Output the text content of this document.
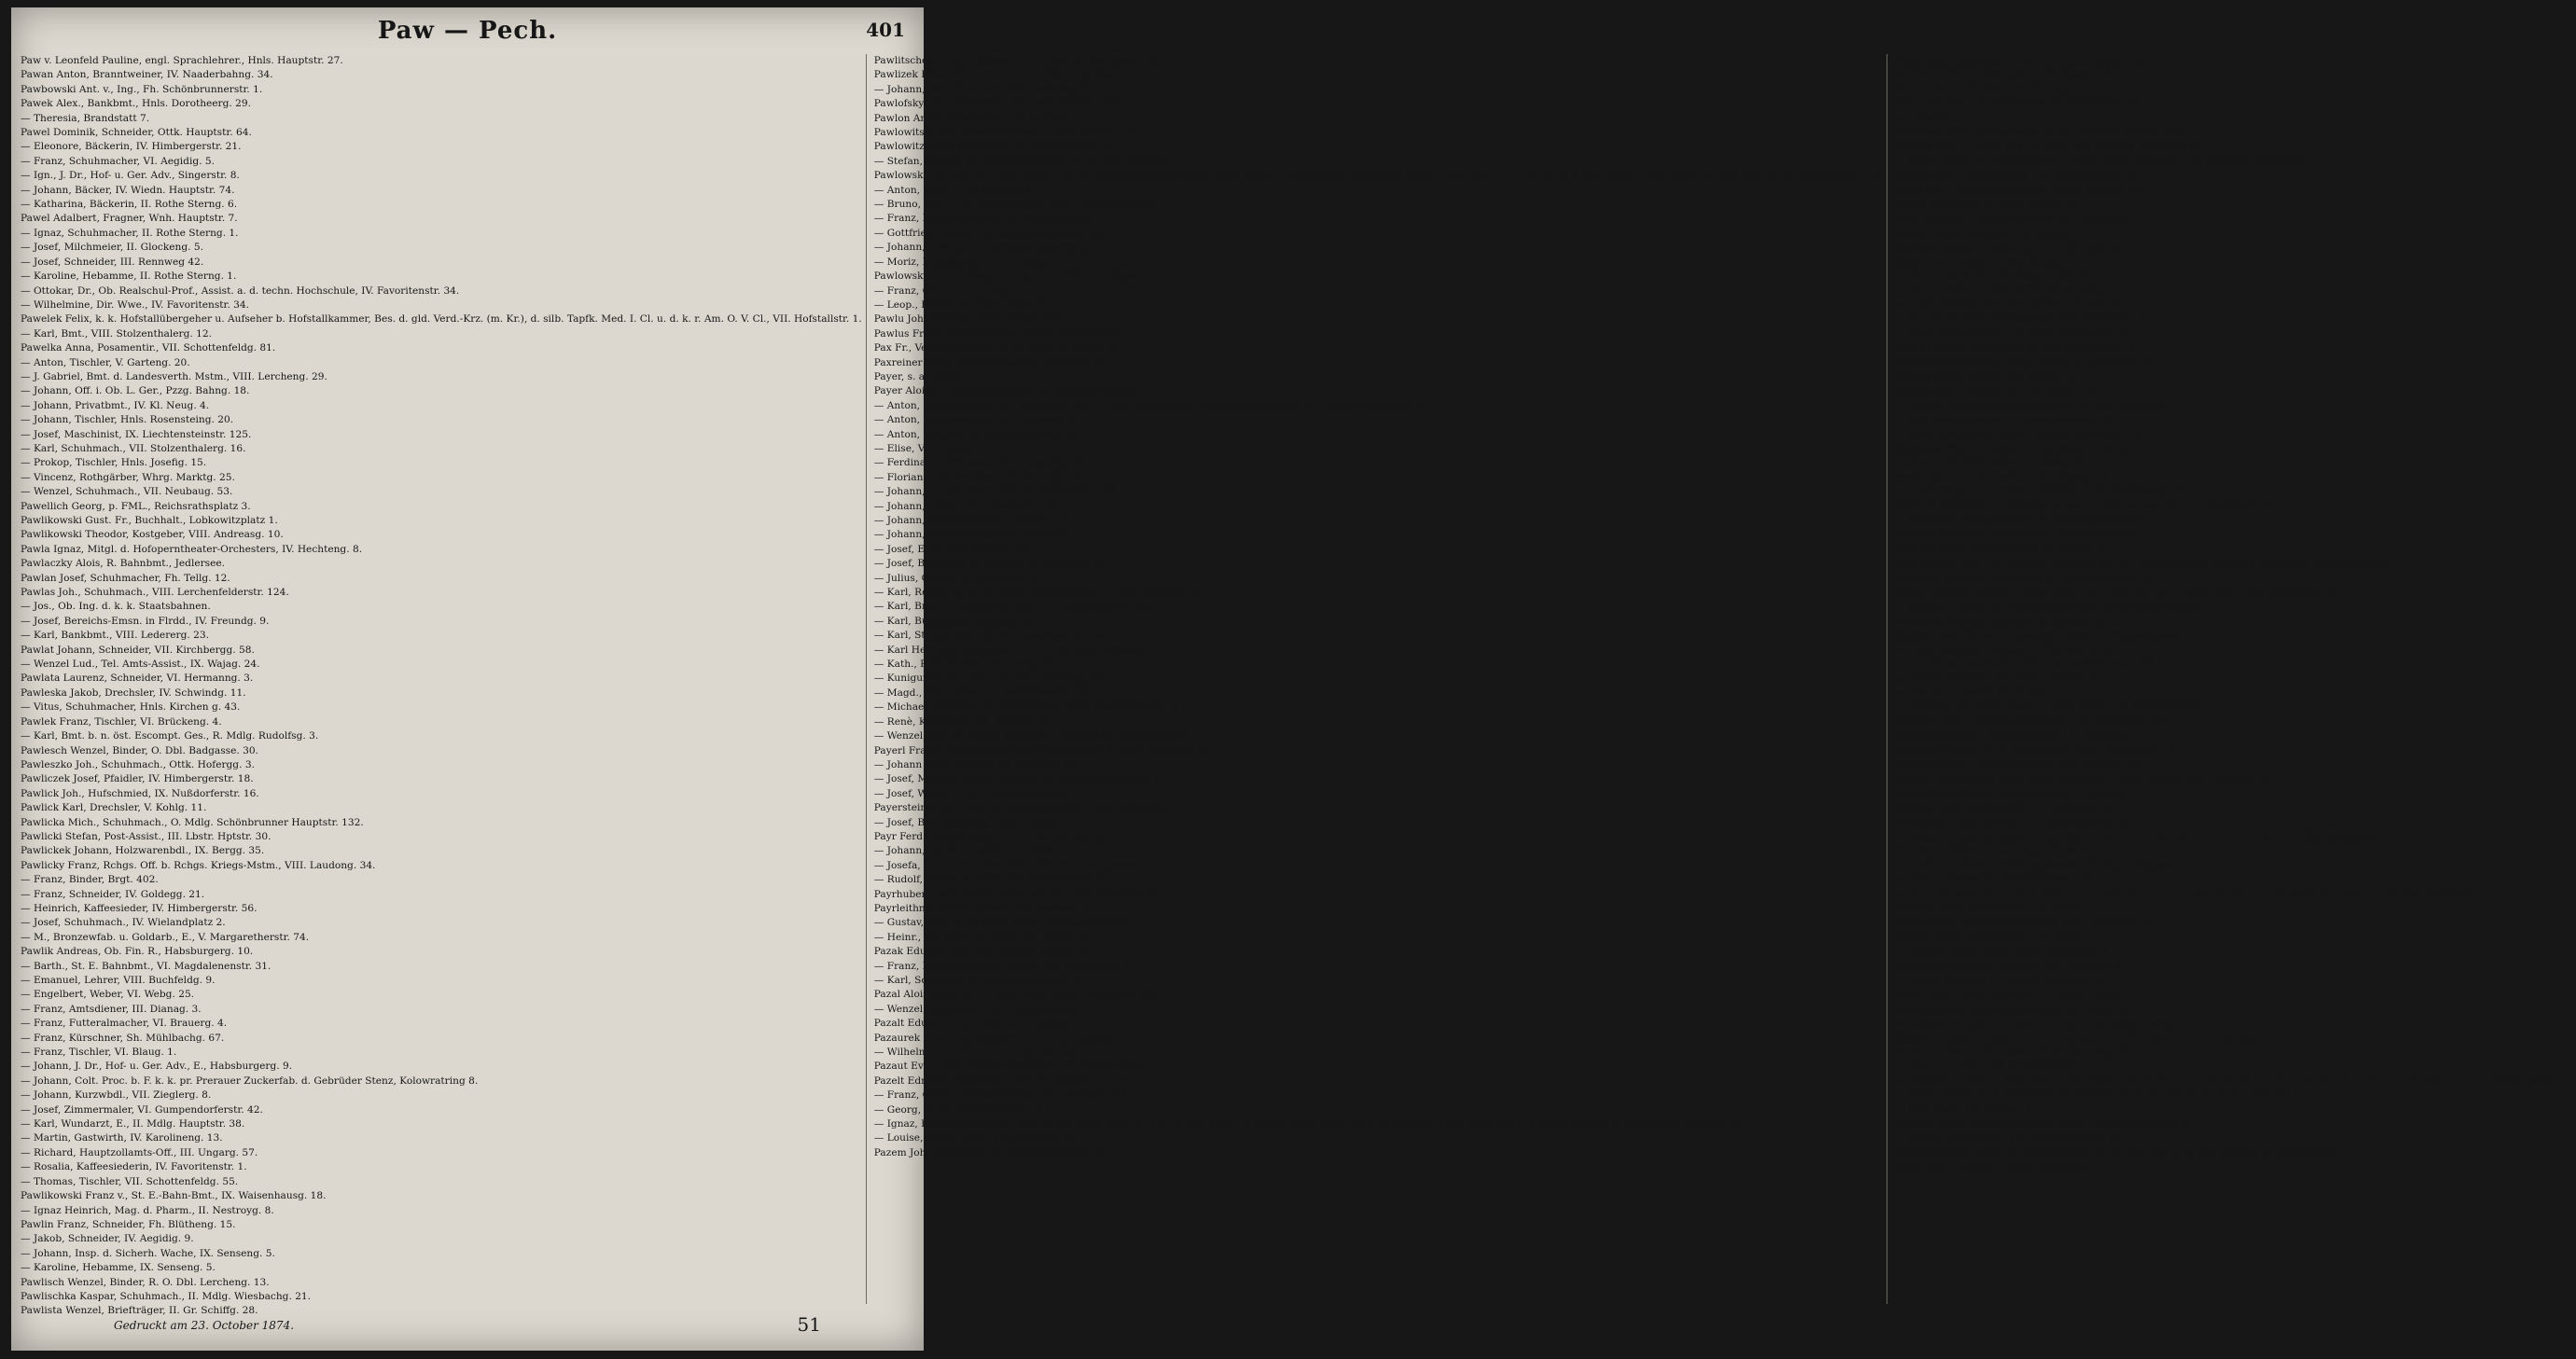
Paw — Pech.	401
Paw v. Leonfeld Pauline, engl. Sprachlehrer., Hnls. Hauptstr. 27.
Pawan Anton, Branntweiner, IV. Naaderbahng. 34.
Pawbowski Ant. v., Ing., Fh. Schönbrunnerstr. 1.
Pawek Alex., Bankbmt., Hnls. Dorotheerg. 29.
— Theresia, Brandstatt 7.
Pawel Dominik, Schneider, Ottk. Hauptstr. 64.
— Eleonore, Bäckerin, IV. Himbergerstr. 21.
— Franz, Schuhmacher, VI. Aegidig. 5.
— Ign., J. Dr., Hof- u. Ger. Adv., Singerstr. 8.
— Johann, Bäcker, IV. Wiedn. Hauptstr. 74.
— Katharina, Bäckerin, II. Rothe Sterng. 6.
Pawel Adalbert, Fragner, Wnh. Hauptstr. 7.
— Ignaz, Schuhmacher, II. Rothe Sterng. 1.
— Josef, Milchmeier, II. Glockeng. 5.
— Josef, Schneider, III. Rennweg 42.
— Karoline, Hebamme, II. Rothe Sterng. 1.
— Ottokar, Dr., Ob. Realschul-Prof., Assist. a. d. techn. Hochschule, IV. Favoritenstr. 34.
— Wilhelmine, Dir. Wwe., IV. Favoritenstr. 34.
Pawelek Felix, k. k. Hofstallübergeher u. Aufseher b. Hofstallkammer, Bes. d. gld. Verd.-Krz. (m. Kr.), d. silb. Tapfk. Med. I. Cl. u. d. k. r. Am. O. V. Cl., VII. Hofstallstr. 1.
— Karl, Bmt., VIII. Stolzenthalerg. 12.
Pawelka Anna, Posamentir., VII. Schottenfeldg. 81.
— Anton, Tischler, V. Garteng. 20.
— J. Gabriel, Bmt. d. Landesverth. Mstm., VIII. Lercheng. 29.
— Johann, Off. i. Ob. L. Ger., Pzzg. Bahng. 18.
— Johann, Privatbmt., IV. Kl. Neug. 4.
— Johann, Tischler, Hnls. Rosensteing. 20.
— Josef, Maschinist, IX. Liechtensteinstr. 125.
— Karl, Schuhmach., VII. Stolzenthalerg. 16.
— Prokop, Tischler, Hnls. Josefig. 15.
— Vincenz, Rothgärber, Whrg. Marktg. 25.
— Wenzel, Schuhmach., VII. Neubaug. 53.
Pawellich Georg, p. FML., Reichsrathsplatz 3.
Pawlikowski Gust. Fr., Buchhalt., Lobkowitzplatz 1.
Pawlikowski Theodor, Kostgeber, VIII. Andreasg. 10.
Pawla Ignaz, Mitgl. d. Hofoperntheater-Orchesters, IV. Hechteng. 8.
Pawlaczky Alois, R. Bahnbmt., Jedlersee.
Pawlan Josef, Schuhmacher, Fh. Tellg. 12.
Pawlas Joh., Schuhmach., VIII. Lerchenfelderstr. 124.
— Jos., Ob. Ing. d. k. k. Staatsbahnen.
— Josef, Bereichs-Emsn. in Flrdd., IV. Freundg. 9.
— Karl, Bankbmt., VIII. Ledererg. 23.
Pawlat Johann, Schneider, VII. Kirchbergg. 58.
— Wenzel Lud., Tel. Amts-Assist., IX. Wajag. 24.
Pawlata Laurenz, Schneider, VI. Hermanng. 3.
Pawleska Jakob, Drechsler, IV. Schwindg. 11.
— Vitus, Schuhmacher, Hnls. Kirchen g. 43.
Pawlek Franz, Tischler, VI. Brückeng. 4.
— Karl, Bmt. b. n. öst. Escompt. Ges., R. Mdlg. Rudolfsg. 3.
Pawlesch Wenzel, Binder, O. Dbl. Badgasse. 30.
Pawleszko Joh., Schuhmach., Ottk. Hofergg. 3.
Pawliczek Josef, Pfaidler, IV. Himbergerstr. 18.
Pawlick Joh., Hufschmied, IX. Nußdorferstr. 16.
Pawlick Karl, Drechsler, V. Kohlg. 11.
Pawlicka Mich., Schuhmach., O. Mdlg. Schönbrunner Hauptstr. 132.
Pawlicki Stefan, Post-Assist., III. Lbstr. Hptstr. 30.
Pawlickek Johann, Holzwarenbdl., IX. Bergg. 35.
Pawlicky Franz, Rchgs. Off. b. Rchgs. Kriegs-Mstm., VIII. Laudong. 34.
— Franz, Binder, Brgt. 402.
— Franz, Schneider, IV. Goldegg. 21.
— Heinrich, Kaffeesieder, IV. Himbergerstr. 56.
— Josef, Schuhmach., IV. Wielandplatz 2.
— M., Bronzewfab. u. Goldarb., E., V. Margaretherstr. 74.
Pawlik Andreas, Ob. Fin. R., Habsburgerg. 10.
— Barth., St. E. Bahnbmt., VI. Magdalenenstr. 31.
— Emanuel, Lehrer, VIII. Buchfeldg. 9.
— Engelbert, Weber, VI. Webg. 25.
— Franz, Amtsdiener, III. Dianag. 3.
— Franz, Futteralmacher, VI. Brauerg. 4.
— Franz, Kürschner, Sh. Mühlbachg. 67.
— Franz, Tischler, VI. Blaug. 1.
— Johann, J. Dr., Hof- u. Ger. Adv., E., Habsburgerg. 9.
— Johann, Colt. Proc. b. F. k. k. pr. Prerauer Zuckerfab. d. Gebrüder Stenz, Kolowratring 8.
— Johann, Kurzwbdl., VII. Zieglerg. 8.
— Josef, Zimmermaler, VI. Gumpendorferstr. 42.
— Karl, Wundarzt, E., II. Mdlg. Hauptstr. 38.
— Martin, Gastwirth, IV. Karolineng. 13.
— Richard, Hauptzollamts-Off., III. Ungarg. 57.
— Rosalia, Kaffeesiederin, IV. Favoritenstr. 1.
— Thomas, Tischler, VII. Schottenfeldg. 55.
Pawlikowski Franz v., St. E.-Bahn-Bmt., IX. Waisenhausg. 18.
— Ignaz Heinrich, Mag. d. Pharm., II. Nestroyg. 8.
Pawlin Franz, Schneider, Fh. Blütheng. 15.
— Jakob, Schneider, IV. Aegidig. 9.
— Johann, Insp. d. Sicherh. Wache, IX. Senseng. 5.
— Karoline, Hebamme, IX. Senseng. 5.
Pawlisch Wenzel, Binder, R. O. Dbl. Lercheng. 13.
Pawlischka Kaspar, Schuhmach., II. Mdlg. Wiesbachg. 21.
Pawlista Wenzel, Briefträger, II. Gr. Schiffg. 28.
Pawlitschek Franz, Uhrmach., VII. Mariahilferstraße 116.
Pawlizek Franz, Schuhmach., II. Mdlg. Rudolfsg. 30.
— Johann, Bank-Econtist, VIII. Ledererg. 30.
Pawlofsky Joh., Privatbmt., III. Lbstr. Hptstr. 136.
Pawlon Anton, Briefträger, III. Marxerg. 7.
Pawlowitsch Joh., Frucht-Sensal, II. Fldg. Pfarrg. 20.
Pawlowitz Josef, Schneider, IV. Pazmaniteng. 13.
— Stefan, Friseur, IX. Liechtensteinstr. 15, G. Heidenschuß 2.
Pawlowski Alex. Rit. v., J. Dr., Hof-R., Dir. d. Theresianischen Akad., Präs. Emsn. d. staatswiss. Staatsprüf. Emsn., R. d. eis. Kr. III. Cl., u. d. k. Fr. Jos.-O., I. Cl., Emdr. d. bras. Ros. O., IV. Favoritenstr. 15.
— Anton, Ingen., Fh. Märzstr. 9.
— Bruno, Dir. d. Wr. Rück-Versich. Ges., Hohenstaufeng. 12.
— Franz, Historienmaler, III. Marokkanerg. 7.
— Gottfried, Friseur, Fh. Schönbrunnerstr. 48.
— Johann, p. Bmt., Fh. Schönbrunnerstr. 20.
— Moriz, Kunstformer, VII. Zollerg. 13.
Pawlowsky Anton, Haupt-Zollamtsoff., VIII. Kochgasse 18.
— Franz, Gürtler, V. Griesg. 35.
— Leop., Bildhauer, Hnls. Steinerg. 7.
Pawlu Joh., Tischler, Ottk. Querg. 20.
Pawlus Franz, Kammmacher, Rdlsfh. Sigmundsg. 6.
Pax Fr., Verkehrs-Assist. b. St. Bahn, V. Krong. 8.
Paxreiner Josef, Goldarbeiter, VII. Seideng. 21.
Payer, s. a. Peyer.
Payer Aloisia, Tabaktrafikantin, VI. Barnabitengasse 8.
— Anton, Schuhmacher, VII. Kaiserstr. 104, F. Paul Payer's Sohn, Schuhwarenverlag, VII. Schottenfelderstr. 29.
— Anton, Schuhmacher, VII. Richterg. 9.
— Anton, Fragner, V. Kettenbrückeng. 9.
— Elise, VII. Kaiserstr. 16.
— Ferdinand, Schlosser, VII. Neustiftg. 26.
— Florian, Schuhmacher, IV. Freundg. 10.
— Johann, Magist. Bmt., VII. Mariahilferstr. 120.
— Johann, Fiaker, Brgt. Rafaelg. 104.
— Johann, Metalldrucker, V. Wehrg. 17.
— Johann, Schuhmacher, IX. Thurng. 6.
— Josef, E., II. Obl. Silberg. 97.
— Josef, Bildhauer u. Tischler, IV. Zieglerg. 18.
— Julius, Glaser, III. Rochusg. 23.
— Karl, Rchgs. Off. b. d. städt. Buchhaltung, E., VIII. Floriang. 66.
— Karl, Bmt. b. Union-Bau-Ges., VIII. Florianigasse 66.
— Karl, Buchhalter, Nußdorf 49.
— Karl, Strohhutfab., Hnls. Ottakringerstr. 66.
— Karl Heinrich, Zeitungs-Cor., III. Marokkanergasse 8.
— Kath., R. Schf. Berl. Bernardg. 28.
— Kunigunde, Dr. Wwe., E., VIII. Floriang. 66.
— Magd., Hmt. Wwe., IX. Nußdorferstr. 26.
— Michael, Drechsler u. Hutformener, VIII. Josefstädterstr. 61.
— Renè, Kaufmann, III. Barichg. 28.
— Wenzel, Bmt. d. österr. Bau-Ges. „Austria“ IX. Ackergasse 6.
Payerl Franz, Oberlehrer in Neu-Lerchenfeld, R. Schf. Hauptstr. 54.
— Johann Paul, Tischler, III. Adamsg. 10.
— Josef, Magistr. Steuer-Execut., III. Sechskrügelgasse 10.
— Josef, Wirth, E., IX. Liechtensteinstr. 7.
Payersteiner Joh., Bau- u. Portal-Schlosser, Hnls. Mayßeng. 6.
— Josef, Bau-Schlosser, Hnls. Palffyg. 1.
Payr Ferd., Seidenzeugfab., VI. Hermanng. 14.
— Johann, Seidenzeugfab., VI. Westbahnstr. 7.
— Josefa, F. Carl Payr, Bandfab., VII. Hermanngasse 8.
— Rudolf, Seidenzeugfab., VII. Westbahnstr. 7.
Payrhuber Ignaz, Stadtlohnwagen-Inh., Minoritenplatz 6.
Payrleithner Gustav, Agent, VII. Zieglerg. 2.
— Gustav, Bmt. d. R. Bahn, Whrg. Michaelerstraße 7.
— Heinr., Off. Off. b. R. Bahn, VI. Bayerg. 7.
Pazak Eduard, Bmt., III. Landstr. Hptstr. 74.
— Franz, Damen-Confect. Gesch., III. Kreuzerstr. 6.
— Karl, Schneider, IV. Margarethenstr. 29.
Pazal Alois, Bmt. d. Frz. Jos. Bahn, Brgt. Treustraße 408.
— Wenzel, Schneider, VIII. Fuhrmannsg. 7.
Pazalt Eduard, k. k. Obelt., VIII. Josefg. 14.
Pazaurek Franz, Schuhmach., Hnls. Dorotheerg. 39.
— Wilhelm, k. k. Hptm., VI. Kopernicusg. 25.
Pazaut Eva, Harmonikamacher-Wwe., V. Johannagasse 4.
Pazelt Edmund, Drechsler, Ottk. Pppenplatz 2.
— Franz, Gold- u. Silberplättner, VII. Neubaug. 64.
— Georg, E., VI. Mariahilferstr. 9.
— Ignaz, Handelsschul-Inh., Bes. d. gld. Verd. Krz. (m. Kr.), d. silb. Med., d. brone. Med. Paris 1867, d. Fortschr. Med. Wien 1873, F. Ignaz Pazelt's u. Lehrmittel. Salonstr. 9.
— Louise, Hptm. Wwe., IV. Kurrentg. 10.
Pazem Joh., Spediteur, IX. Liechtensteinstr. 14.
Pazil Anna, Kaufmann-Wwe., III. Lbstr. Hptstr. 78.
Pazofsky Johann, Spängler, VIII. Tigerg. 28.
Pazont Franz, Tischler, IV. Erlachg. 11.
Pazourek Franz, Schuhmacher, IV. Fleischmanng. 4.
— J. Herrng. 6.
Pazroiner Josef, Goldarbeiter, R. Fh. Verläng. Brunng. 674.
Pazzani Alex., v. Insp. b. d. R. Bahn, III. Landstr. Hauptstr. 75.
— Julius, Ingen. b. d. Gasanst. b. d. Imp. Cont. Gas-Assoc., IV. Gaswerk Belvedere.
Pazzer Math., Zitherlehrer, III. Sechskrügelg. 8.
Pčibil Frz., Lederausschneider, Whrg. Kreuzg. 43.
Peball Therese v., IV. Unt. Alleeg. 26.
Pečar Michael, Gymnasiallehrer, III. Blütheng. 6.
Pecen Wenzel, Fragner, VII. Stiftg. 17.
Pečenka Anton, Militär Unt. Arzt, IX. Ackerg. 6.
Pech Franz, Lehrer, Whrg. Neug. 22.
— Franz, Gastwirth, IV. Hauptstraße 61.
— Franz, Wolkschullehrer, VI. Sandwirthg. 5.
— Josef, Tischler, R. Lcht. verläng. Brunng. 62.
— Jos., St. E.-Bahn-Bureauchef, VIII. Buchfeldg. 9.
— Josef, Victualienhdl., II. Mdlg. Johanneng. 51.
Pecha Johann, Schneider, VII. St. Ulrichsplatz 4.
Pechaczek Franziska, Hptm. Wwe., IV. Lufthadg. 12.
Pechak Franz, Weber, Sh. Wehrg. 15.
Pechan Alois, Portier, IV. Unt. Alleeg. 30.
— Franz, Hauptmünzamts-Probirer, III. Am Heumarkt 1.
— Joh., Schuhmacher, VI. Josefstädterstr. 83.
— Josef, Maschinen-Ingen., Rdlsfh. Arnsteing. 25.
Pechanek Franz, Fragner, VI. Gumpendorferstr. 155.
— Franz, Geschäftsleiter, VI. Wallg. 9.
Pechar Joh., Schuhmacher, VIII. Tigerg. 18.
— Josef, Rchgs. R. b. oberst. Rchgshof., IV. Karolineng. 26.
Péchard Friedrich E., Salamierzeuger u. Delicatessenhdl., E., Kohlmarkt 22.
— Friedrich, Zuckerbäcker, VI. Gumpendorferstr. 6.
Pechary Franziska, Tabaktrafik., Wiltprettmarkt 3.
Pechata Julius, Gutsbesitzer, VI. Engelg. 4.
Pechatschek Karl, III. Landstr. Hauptstr. 29, F. C. Pechatschek, Nadel- u. Emünhdl., Schreyrtgasse 3.
Pechazek Leopold, Bergolder, VI. Schottenfeldg. 53.
Peche Heinrich, Hptm. i. Gen.-Cmdo., R. d. eis. Kr. III. Cl. (Kgs. Dec.), IX. Porzellang. 54.
— Jauzad Theresia, h. Hofschauspielerin, Babenbergerstraße 1.
Pechenik Wilhelm, Juwelier, II. Taborstr. 51.
Pecher Alois, Factor d. Staatsdruckerei, V. Franzensgasse 17.
— Franz Wenzel, Fragner, II. Theresieng. 4.
— Karl, Branntweinsch., VIII. Lerchenfelderstr. 118.
— Robert, Korkfab., IV. Wiedn. Hptstr. 29.
— Wenzel, p. Major, IV. Victorg. 8.
— Wilhelm, Tel. Amts-Assist. i. Hnls. Mstm., II. Barichgasse 7.
Pechert Nikol., Instrumentenmach., VI. Stumperg. 26.
Pechhaker Heinr., Kleinfuhrmann, U. Czerning.
Pechhaus Johann, k. k. Amtsdiener, VIII. Lammgasse 12.
Pechhofmann v. Pechhofen Karl, VII. Seideng. 16.
Pechiv v. Weitenfeld Karl, Milit. Zahlmeist. i. Gen. Cmdo., VIII. Laudong. 31.
Pechkranz Bernard, Geldwechsler, II. Afperng. 1.
Pechlet Adele, Tabaktrafik., III. Beatrixg. 32.
Pechmann Adolf, Cassier, VI. Mariahilferstr. 55.
— Benno v., Insp. b. Sicherh. W., Abth. Cmdt., R. d. gld. Verd. Krz. (m. d. Kr.), VII. Spindlergasse 5.
— Johann, Fleischhauer, Brgt. Othmarstr. 61.
— Josefa, Statistin a. Hofburgtheater, VII. Spindlergasse 3.
— Victor, Cassier, VI. Mariahilferstr. 55.
— Rit. v. Massen Ed., p. k. k. F.M.L., R. d. eis. Kr. u. d. k. r. Ann.-O. III. Cl. u. d. bayr. Civ. Verd. O., IV. Favoritestraße 2.
Pechnik Adolf, Post-Assist., IX. Salmg. 10.
Pecho Anton, Cartonagearbeiter, Hnls. Kircheng. 7.
Pechot Eman., Privat-Bmt., III. Parkg. 1.
— Wenzel, Assek. Bmt., Hnls. Veronikag. 3.
Pechotsch Adalbert, Musiklr., Fh. Würffelg. 4.
— Anton, Tischler, E., Rdlsfh. Fischerg. 29.
Pecht Fritz, Privat-Secretär, IV. Wiedn. Hptstr. 2.
Pechtold Josef, Siegelmarkenfab., VI. Wallg. 33.
— Kaspar, Calculant d. öberst. Rchgs. Hof. Kärathnerstr. 21.
Pechwill Gustav, Rchgs. R. i. Fin. Mstm., R. d. Frz. Jos. O., VIII. Floriang. 3.
Pecky Andreas v., Gutsbes., IV. Marianneng. 10.
— Beata de, Bmt., VII. Auerspergstr. 13.
— Emerich v., Hof- u. Min. Secr. i. Fin. Mstm., R. d. öst. k. r. Ann.-O. III. Cl., R. d. eis. Kr. d. O. IV. Cl. u. d. pers. S. i. O., Ballhausplatz 2.
— Franz, Baron, k. k. Kämmerer, p. Hofrath, R. d. eis. Kr., II. Cl. d. k. r. Ann.-O. 3.
— Karl, Bmt., III. Traung. 1.
Pečinka Anton, Assecuranzbmt., Hnls. Leitermayergasse 4.
— Rudolf, Privat-Bmt., III. Schlachthausg. 20.
Pecival Johann, Ingen. u. Stadtbaumstr., R. d. Frz. Jos. O., F. Joh. Pecival, II. Schiffamtsg. 7.
Peck Ignaz, Tuchhdl., Hnls. Hauptstr. 8.
Gedruckt am 23. October 1874.	51
